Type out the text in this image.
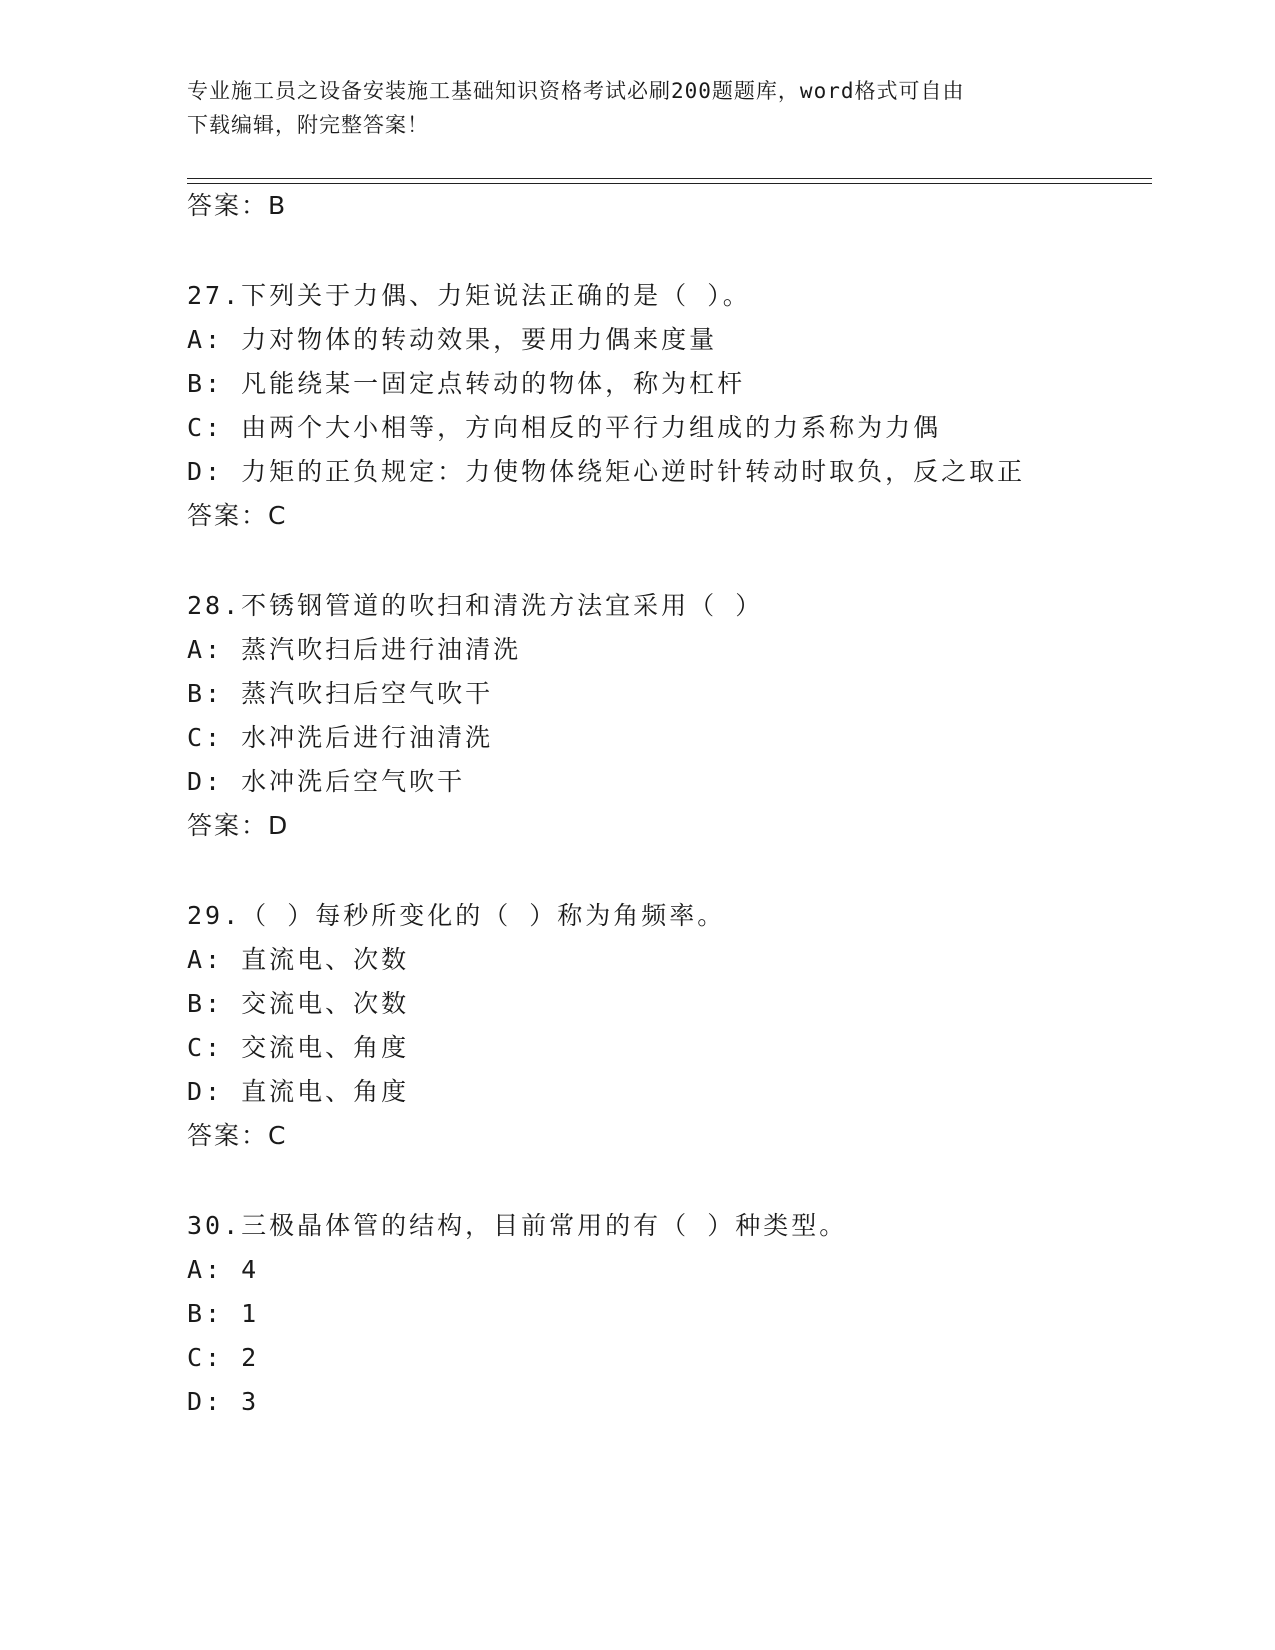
专业施工员之设备安装施工基础知识资格考试必刷200题题库，word格式可自由
下载编辑，附完整答案！
答案：B
27.下列关于力偶、力矩说法正确的是（ ）。
A: 力对物体的转动效果，要用力偶来度量
B: 凡能绕某一固定点转动的物体，称为杠杆
C: 由两个大小相等，方向相反的平行力组成的力系称为力偶
D: 力矩的正负规定：力使物体绕矩心逆时针转动时取负，反之取正
答案：C
28.不锈钢管道的吹扫和清洗方法宜采用（ ）
A: 蒸汽吹扫后进行油清洗
B: 蒸汽吹扫后空气吹干
C: 水冲洗后进行油清洗
D: 水冲洗后空气吹干
答案：D
29.（ ）每秒所变化的（ ）称为角频率。
A: 直流电、次数
B: 交流电、次数
C: 交流电、角度
D: 直流电、角度
答案：C
30.三极晶体管的结构，目前常用的有（ ）种类型。
A: 4
B: 1
C: 2
D: 3
